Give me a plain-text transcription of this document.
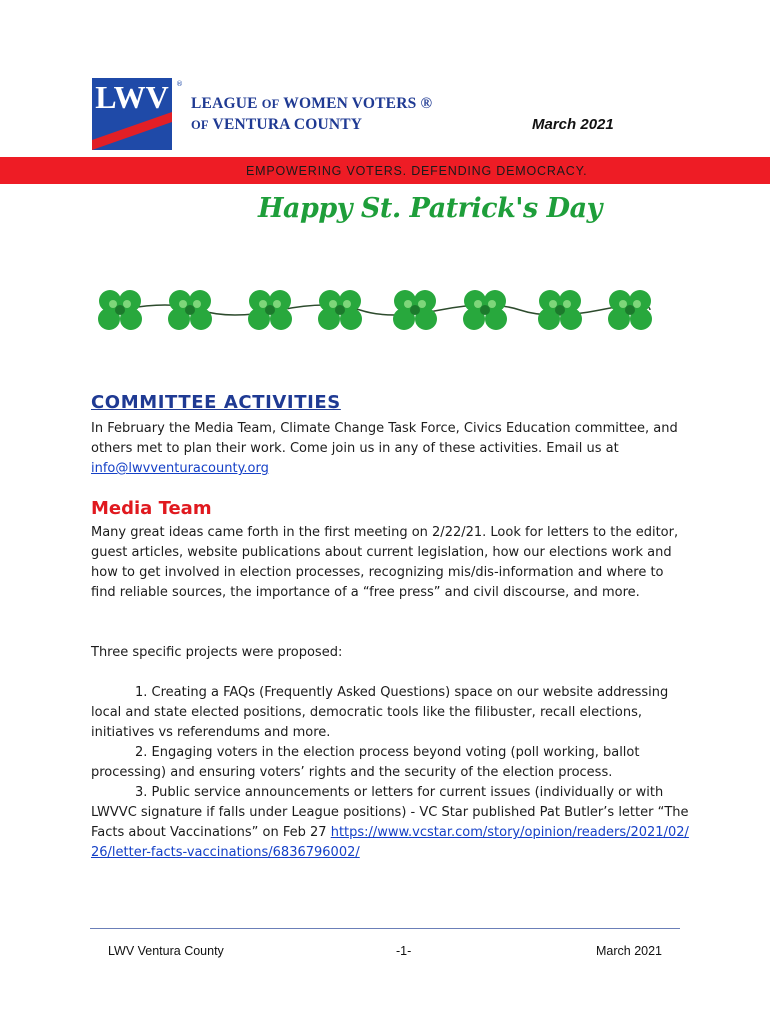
LWV ®
LEAGUE OF WOMEN VOTERS ®
OF VENTURA COUNTY	March 2021
EMPOWERING VOTERS. DEFENDING DEMOCRACY.
Happy St. Patrick's Day
COMMITTEE ACTIVITIES
In February the Media Team, Climate Change Task Force, Civics Education committee, and others met to plan their work. Come join us in any of these activities. Email us at info@lwvventuracounty.org
Media Team
Many great ideas came forth in the first meeting on 2/22/21. Look for letters to the editor, guest articles, website publications about current legislation, how our elections work and how to get involved in election processes, recognizing mis/dis-information and where to find reliable sources, the importance of a “free press” and civil discourse, and more.
Three specific projects were proposed:
1. Creating a FAQs (Frequently Asked Questions) space on our website addressing local and state elected positions, democratic tools like the filibuster, recall elections, initiatives vs referendums and more.
2. Engaging voters in the election process beyond voting (poll working, ballot processing) and ensuring voters’ rights and the security of the election process.
3. Public service announcements or letters for current issues (individually or with LWVVC signature if falls under League positions) - VC Star published Pat Butler’s letter “The Facts about Vaccinations” on Feb 27 https://www.vcstar.com/story/opinion/readers/2021/02/26/letter-facts-vaccinations/6836796002/
LWV Ventura County	-1-	March 2021
